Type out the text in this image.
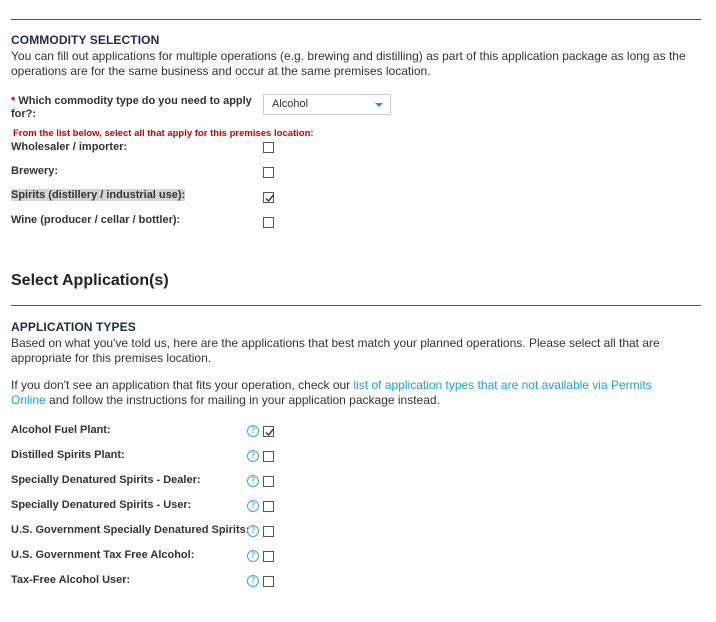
COMMODITY SELECTION
You can fill out applications for multiple operations (e.g. brewing and distilling) as part of this application package as long as the operations are for the same business and occur at the same premises location.
* Which commodity type do you need to apply for?:
Alcohol
From the list below, select all that apply for this premises location:
Wholesaler / importer:
Brewery:
Spirits (distillery / industrial use):
Wine (producer / cellar / bottler):
Select Application(s)
APPLICATION TYPES
Based on what you've told us, here are the applications that best match your planned operations. Please select all that are appropriate for this premises location.
If you don't see an application that fits your operation, check our list of application types that are not available via Permits Online and follow the instructions for mailing in your application package instead.
Alcohol Fuel Plant:	?
Distilled Spirits Plant:	?
Specially Denatured Spirits - Dealer:	?
Specially Denatured Spirits - User:	?
U.S. Government Specially Denatured Spirits: ?
U.S. Government Tax Free Alcohol:	?
Tax-Free Alcohol User:	?
